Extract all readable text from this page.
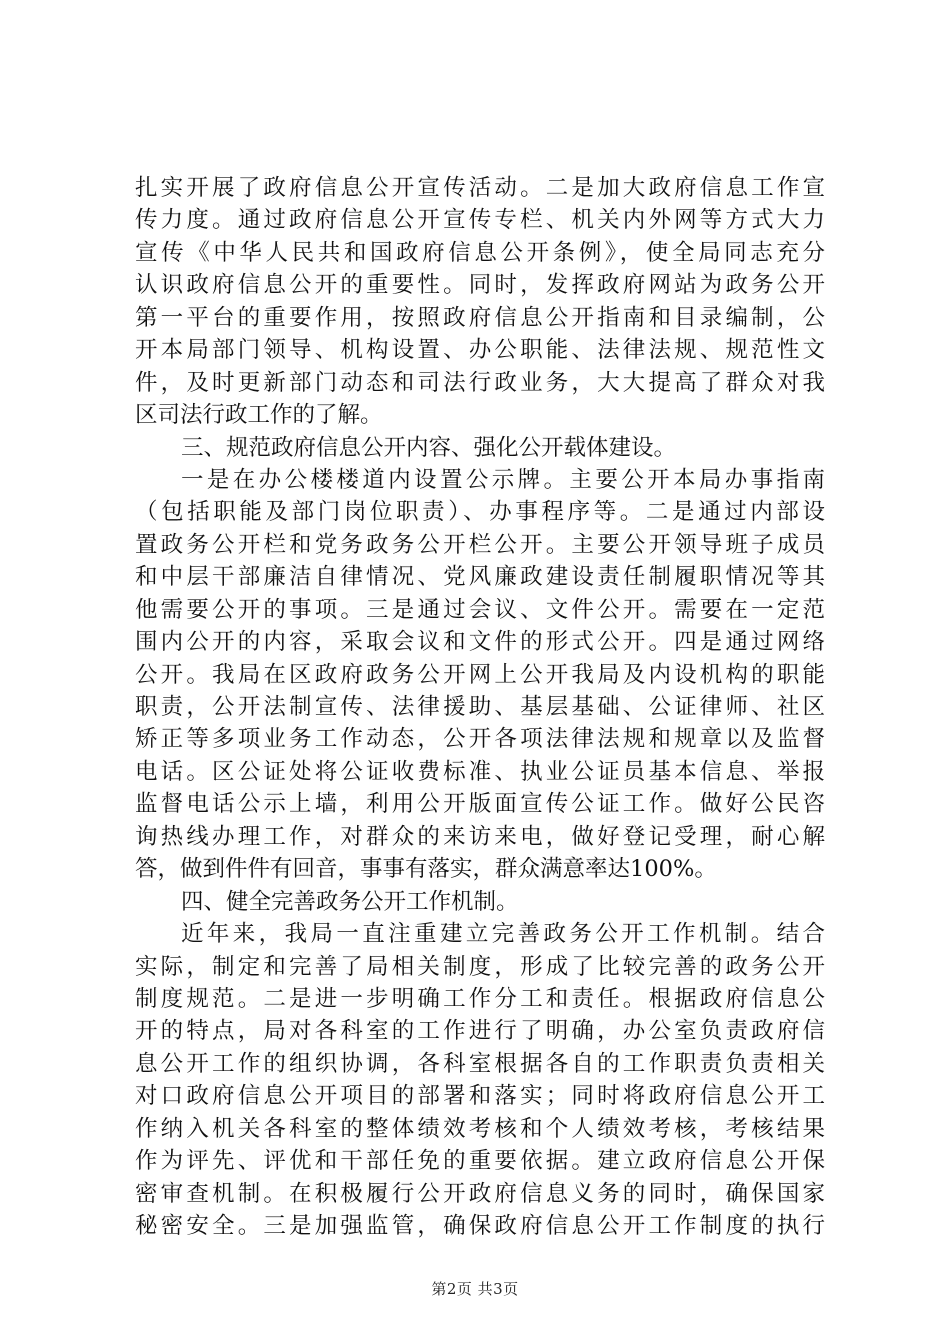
扎实开展了政府信息公开宣传活动。二是加大政府信息工作宣
传力度。通过政府信息公开宣传专栏、机关内外网等方式大力
宣传《中华人民共和国政府信息公开条例》，使全局同志充分
认识政府信息公开的重要性。同时，发挥政府网站为政务公开
第一平台的重要作用，按照政府信息公开指南和目录编制，公
开本局部门领导、机构设置、办公职能、法律法规、规范性文
件，及时更新部门动态和司法行政业务，大大提高了群众对我
区司法行政工作的了解。
三、规范政府信息公开内容、强化公开载体建设。
一是在办公楼楼道内设置公示牌。主要公开本局办事指南
（包括职能及部门岗位职责）、办事程序等。二是通过内部设
置政务公开栏和党务政务公开栏公开。主要公开领导班子成员
和中层干部廉洁自律情况、党风廉政建设责任制履职情况等其
他需要公开的事项。三是通过会议、文件公开。需要在一定范
围内公开的内容，采取会议和文件的形式公开。四是通过网络
公开。我局在区政府政务公开网上公开我局及内设机构的职能
职责，公开法制宣传、法律援助、基层基础、公证律师、社区
矫正等多项业务工作动态，公开各项法律法规和规章以及监督
电话。区公证处将公证收费标准、执业公证员基本信息、举报
监督电话公示上墙，利用公开版面宣传公证工作。做好公民咨
询热线办理工作，对群众的来访来电，做好登记受理，耐心解
答，做到件件有回音，事事有落实，群众满意率达100%。
四、健全完善政务公开工作机制。
近年来，我局一直注重建立完善政务公开工作机制。结合
实际，制定和完善了局相关制度，形成了比较完善的政务公开
制度规范。二是进一步明确工作分工和责任。根据政府信息公
开的特点，局对各科室的工作进行了明确，办公室负责政府信
息公开工作的组织协调，各科室根据各自的工作职责负责相关
对口政府信息公开项目的部署和落实；同时将政府信息公开工
作纳入机关各科室的整体绩效考核和个人绩效考核，考核结果
作为评先、评优和干部任免的重要依据。建立政府信息公开保
密审查机制。在积极履行公开政府信息义务的同时，确保国家
秘密安全。三是加强监管，确保政府信息公开工作制度的执行
第2页 共3页
